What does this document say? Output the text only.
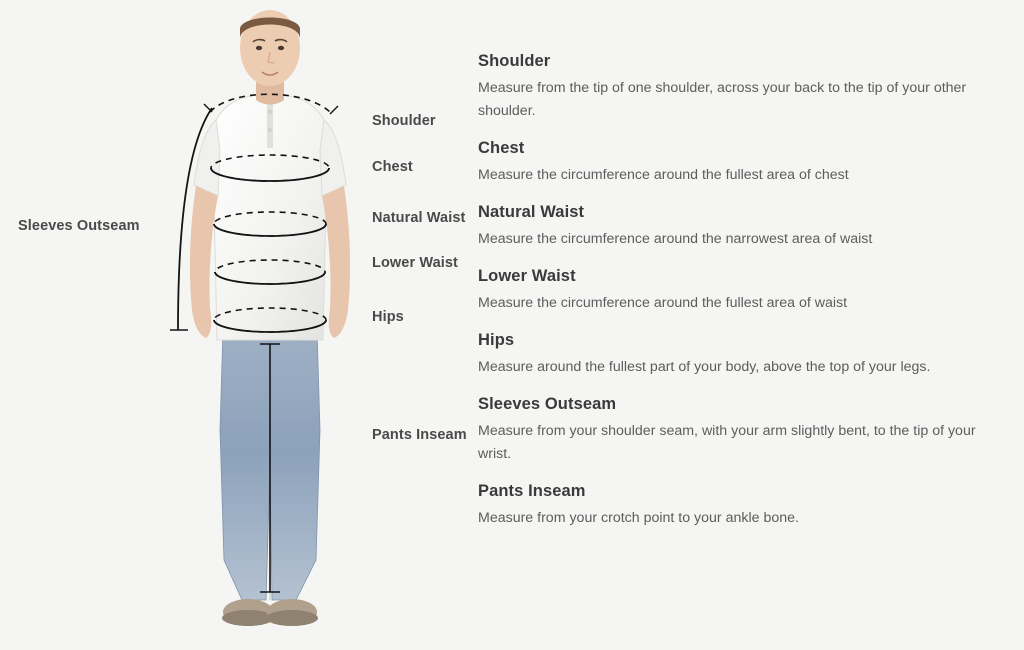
Sleeves Outseam
Shoulder
Chest
Natural Waist
Lower Waist
Hips
Pants Inseam

Shoulder

Measure from the tip of one shoulder, across your back to the tip of your other shoulder.

Chest

Measure the circumference around the fullest area of chest

Natural Waist

Measure the circumference around the narrowest area of waist

Lower Waist

Measure the circumference around the fullest area of waist

Hips

Measure around the fullest part of your body, above the top of your legs.

Sleeves Outseam

Measure from your shoulder seam, with your arm slightly bent, to the tip of your wrist.

Pants Inseam

Measure from your crotch point to your ankle bone.
